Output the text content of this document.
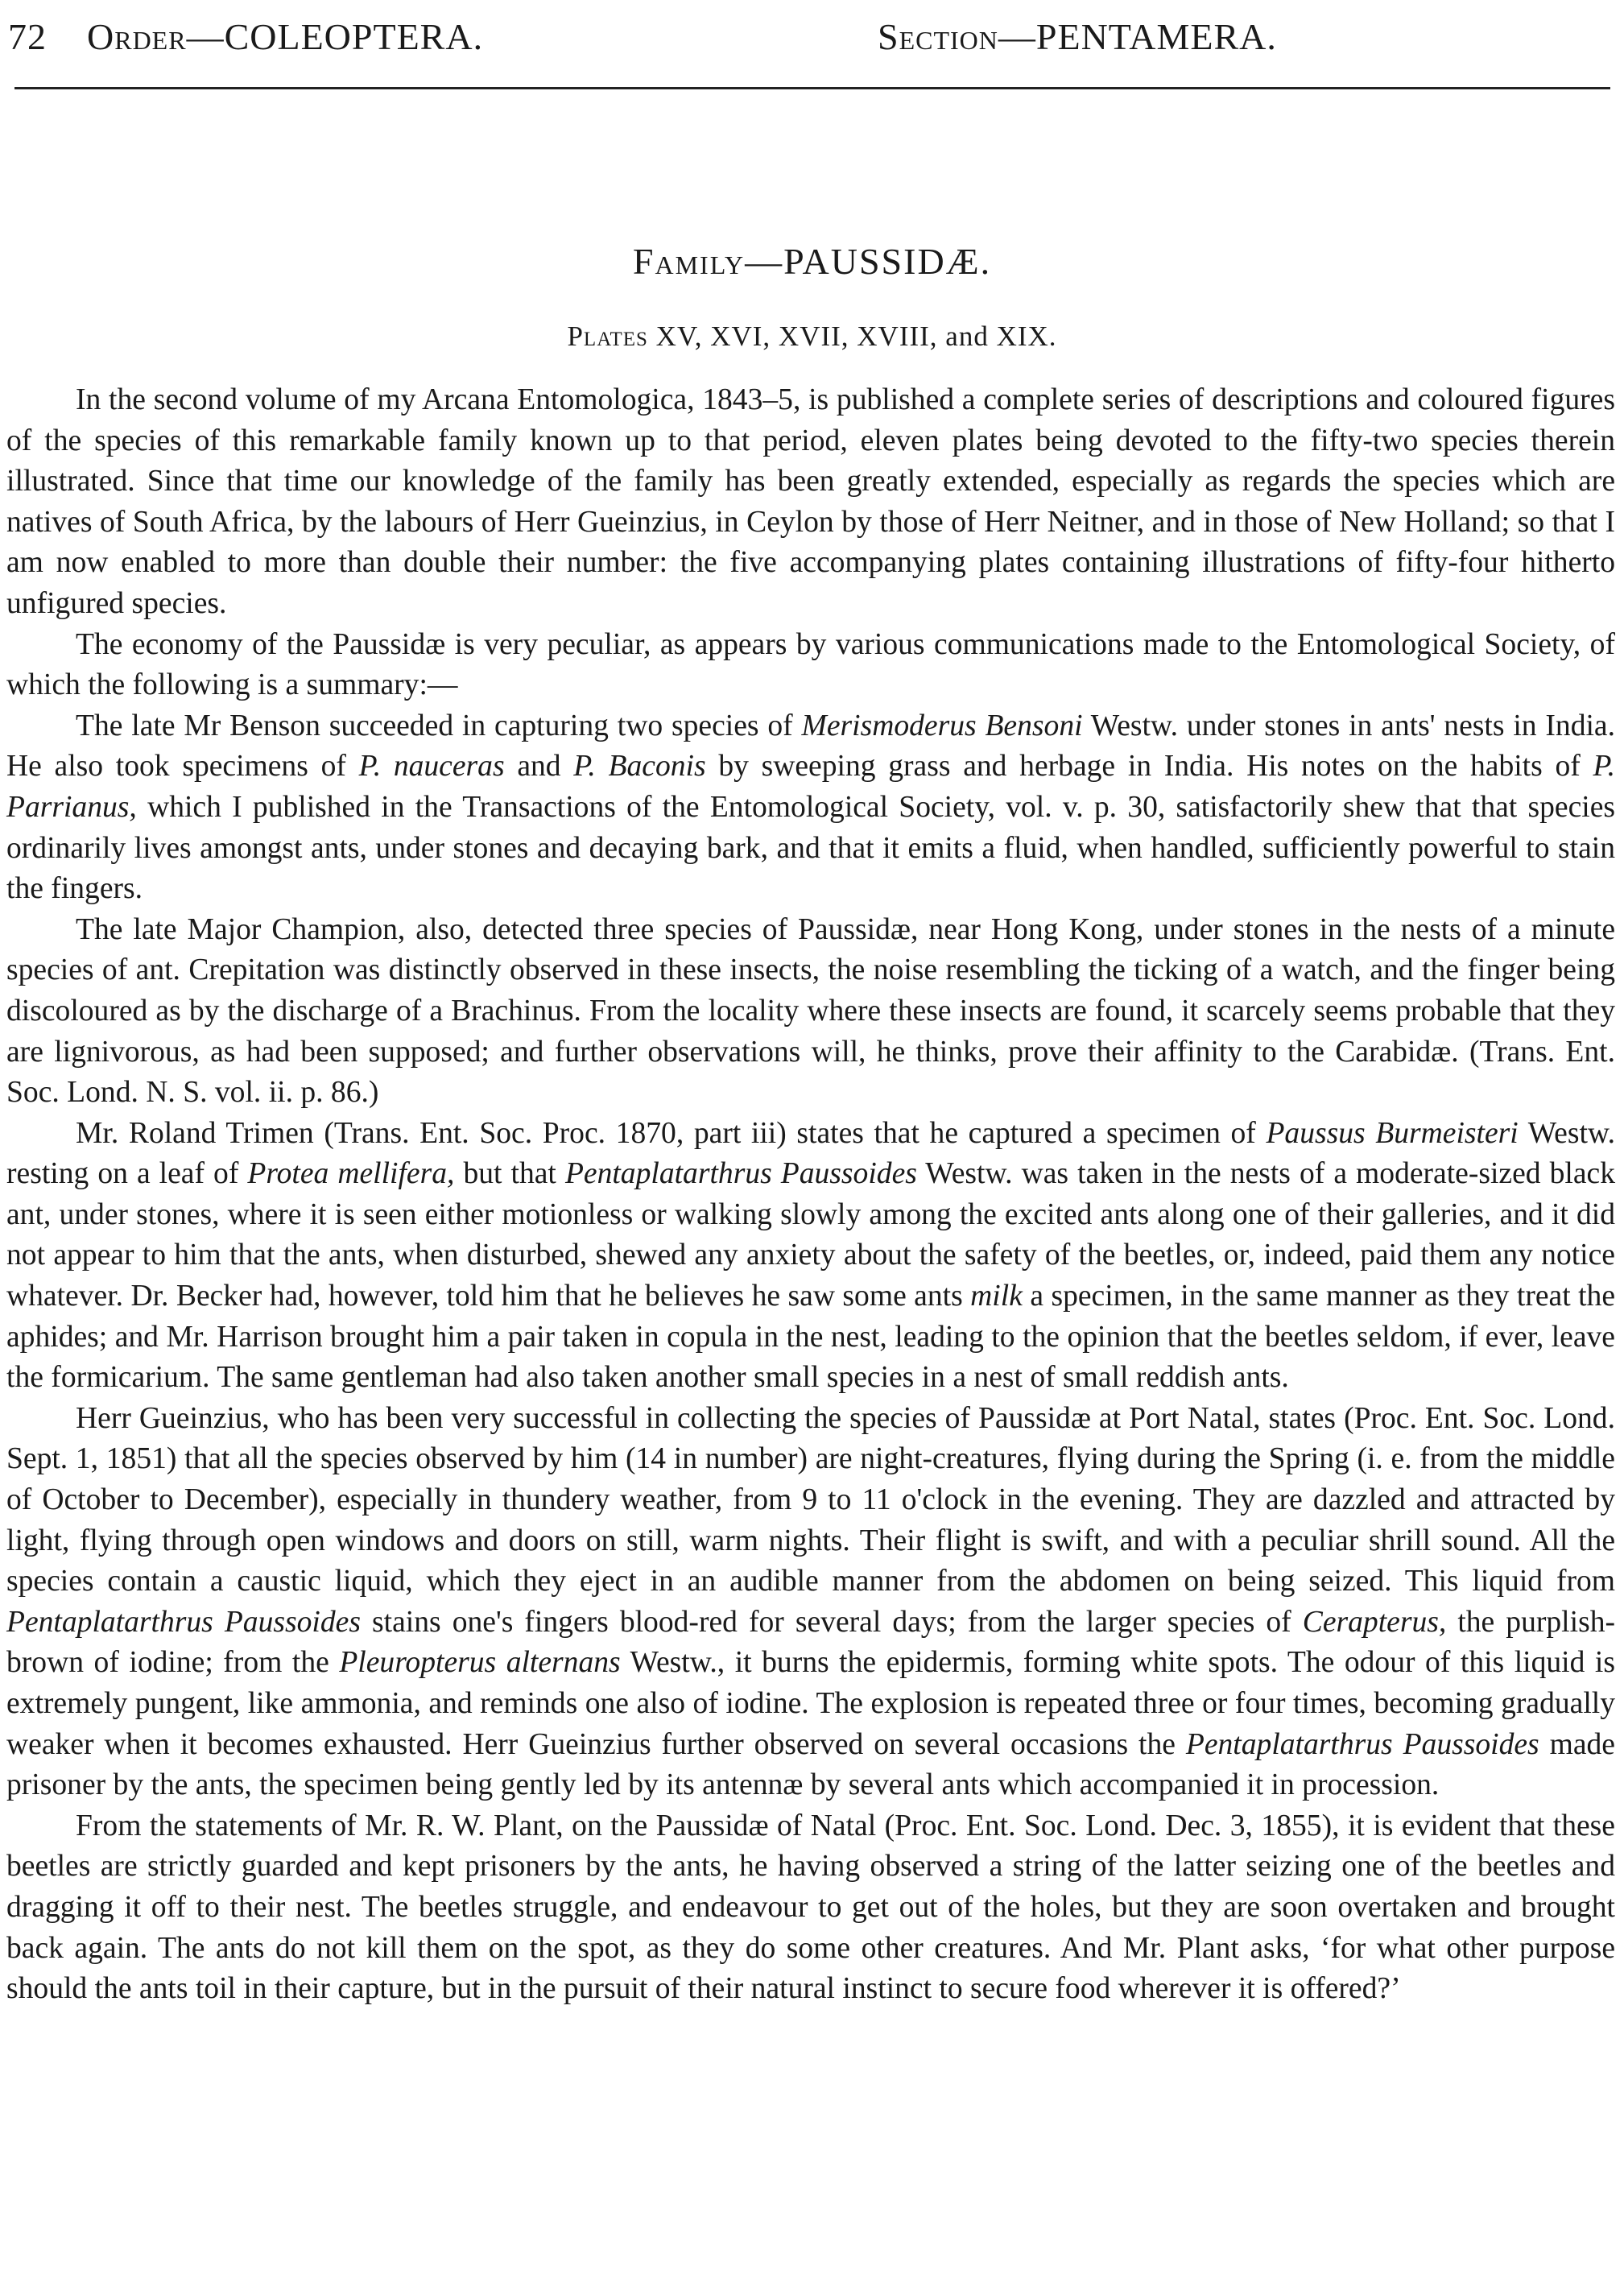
72 Order—COLEOPTERA.	Section—PENTAMERA.
Family—PAUSSIDÆ.
Plates XV, XVI, XVII, XVIII, and XIX.

In the second volume of my Arcana Entomologica, 1843–5, is published a complete series of descriptions and coloured figures of the species of this remarkable family known up to that period, eleven plates being devoted to the fifty-two species therein illustrated. Since that time our knowledge of the family has been greatly extended, especially as regards the species which are natives of South Africa, by the labours of Herr Gueinzius, in Ceylon by those of Herr Neitner, and in those of New Holland; so that I am now enabled to more than double their number: the five accompanying plates containing illustrations of fifty-four hitherto unfigured species.

The economy of the Paussidæ is very peculiar, as appears by various communications made to the Entomological Society, of which the following is a summary:—

The late Mr Benson succeeded in capturing two species of Merismoderus Bensoni Westw. under stones in ants' nests in India. He also took specimens of P. nauceras and P. Baconis by sweeping grass and herbage in India. His notes on the habits of P. Parrianus, which I published in the Transactions of the Entomological Society, vol. v. p. 30, satisfactorily shew that that species ordinarily lives amongst ants, under stones and decaying bark, and that it emits a fluid, when handled, sufficiently powerful to stain the fingers.

The late Major Champion, also, detected three species of Paussidæ, near Hong Kong, under stones in the nests of a minute species of ant. Crepitation was distinctly observed in these insects, the noise resembling the ticking of a watch, and the finger being discoloured as by the discharge of a Brachinus. From the locality where these insects are found, it scarcely seems probable that they are lignivorous, as had been supposed; and further observations will, he thinks, prove their affinity to the Carabidæ. (Trans. Ent. Soc. Lond. N. S. vol. ii. p. 86.)

Mr. Roland Trimen (Trans. Ent. Soc. Proc. 1870, part iii) states that he captured a specimen of Paussus Burmeisteri Westw. resting on a leaf of Protea mellifera, but that Pentaplatarthrus Paussoides Westw. was taken in the nests of a moderate-sized black ant, under stones, where it is seen either motionless or walking slowly among the excited ants along one of their galleries, and it did not appear to him that the ants, when disturbed, shewed any anxiety about the safety of the beetles, or, indeed, paid them any notice whatever. Dr. Becker had, however, told him that he believes he saw some ants milk a specimen, in the same manner as they treat the aphides; and Mr. Harrison brought him a pair taken in copula in the nest, leading to the opinion that the beetles seldom, if ever, leave the formicarium. The same gentleman had also taken another small species in a nest of small reddish ants.

Herr Gueinzius, who has been very successful in collecting the species of Paussidæ at Port Natal, states (Proc. Ent. Soc. Lond. Sept. 1, 1851) that all the species observed by him (14 in number) are night-creatures, flying during the Spring (i. e. from the middle of October to December), especially in thundery weather, from 9 to 11 o'clock in the evening. They are dazzled and attracted by light, flying through open windows and doors on still, warm nights. Their flight is swift, and with a peculiar shrill sound. All the species contain a caustic liquid, which they eject in an audible manner from the abdomen on being seized. This liquid from Pentaplatarthrus Paussoides stains one's fingers blood-red for several days; from the larger species of Cerapterus, the purplish-brown of iodine; from the Pleuropterus alternans Westw., it burns the epidermis, forming white spots. The odour of this liquid is extremely pungent, like ammonia, and reminds one also of iodine. The explosion is repeated three or four times, becoming gradually weaker when it becomes exhausted. Herr Gueinzius further observed on several occasions the Pentaplatarthrus Paussoides made prisoner by the ants, the specimen being gently led by its antennæ by several ants which accompanied it in procession.

From the statements of Mr. R. W. Plant, on the Paussidæ of Natal (Proc. Ent. Soc. Lond. Dec. 3, 1855), it is evident that these beetles are strictly guarded and kept prisoners by the ants, he having observed a string of the latter seizing one of the beetles and dragging it off to their nest. The beetles struggle, and endeavour to get out of the holes, but they are soon overtaken and brought back again. The ants do not kill them on the spot, as they do some other creatures. And Mr. Plant asks, ‘for what other purpose should the ants toil in their capture, but in the pursuit of their natural instinct to secure food wherever it is offered?’
